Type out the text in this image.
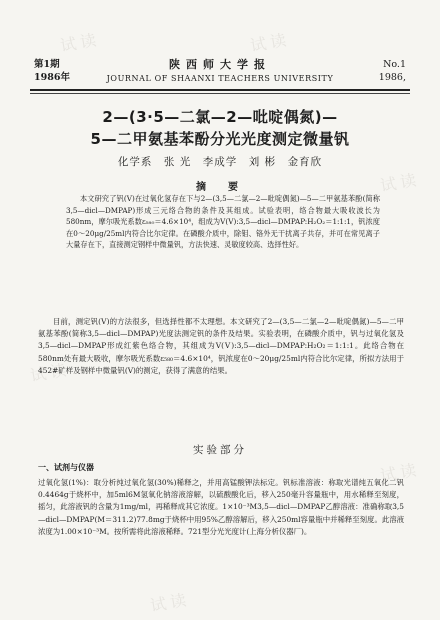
试读	试读
试读
试读
试读
试读
第1期
1986年
陕西师大学报
JOURNAL OF SHAANXI TEACHERS UNIVERSITY
No.1
1986,
2—(3·5—二氯—2—吡啶偶氮)—
5—二甲氨基苯酚分光光度测定微量钒
化学系　张 光　李成学　刘 彬　金育欣
摘　要

本文研究了钒(Ⅴ)在过氧化氢存在下与2—(3,5—二氯—2—吡啶偶氮)—5—二甲氨基苯酚(简称3,5—dicl—DMPAP)形成三元络合物的条件及其组成。试验表明，络合物最大吸收波长为580nm，摩尔吸光系数ε₅₈₀＝4.6×10⁴，组成为V(Ⅴ):3,5—dicl—DMPAP:H₂O₂＝1:1:1，钒浓度在0～20μg/25ml内符合比尔定律。在磷酸介质中，除钼、铬外无干扰离子共存，并可在常见离子大量存在下，直接测定钢样中微量钒，方法快速、灵敏度较高、选择性好。

目前，测定钒(Ⅴ)的方法很多，但选择性都不太理想。本文研究了2—(3,5—二氯—2—吡啶偶氮)—5—二甲氨基苯酚(简称3,5—dicl—DMPAP)光度法测定钒的条件及结果。实验表明，在磷酸介质中，钒与过氧化氢及3,5—dicl—DMPAP形成红紫色络合物，其组成为V(Ⅴ):3,5—dicl—DMPAP:H₂O₂＝1:1:1。此络合物在580nm处有最大吸收，摩尔吸光系数ε₅₈₀＝4.6×10⁴，钒浓度在0～20μg/25ml内符合比尔定律，所拟方法用于452#矿样及钢样中微量钒(Ⅴ)的测定，获得了满意的结果。

实验部分
一、试剂与仪器

过氧化氢(1%)：取分析纯过氧化氢(30%)稀释之，并用高锰酸钾法标定。钒标准溶液：称取光谱纯五氧化二钒0.4464g于烧杯中，加5ml6M氢氧化钠溶液溶解，以硫酸酸化后，移入250毫升容量瓶中，用水稀释至刻度，摇匀，此溶液钒的含量为1mg/ml，再稀释成其它浓度。1×10⁻³M3,5—dicl—DMPAP乙醇溶液：准确称取3,5—dicl—DMPAP(M＝311.2)77.8mg于烧杯中用95%乙醇溶解后，移入250ml容量瓶中并稀释至刻度。此溶液浓度为1.00×10⁻³M。按所需将此溶液稀释。721型分光光度计(上海分析仪器厂)。
